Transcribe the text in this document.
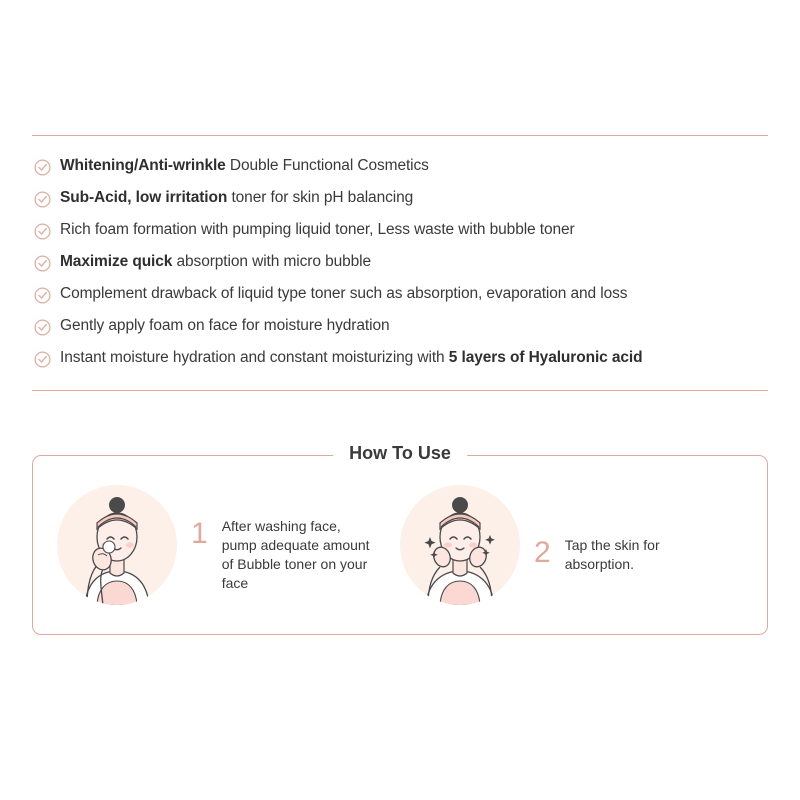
Whitening/Anti-wrinkle Double Functional Cosmetics
Sub-Acid, low irritation toner for skin pH balancing
Rich foam formation with pumping liquid toner, Less waste with bubble toner
Maximize quick absorption with micro bubble
Complement drawback of liquid type toner such as absorption, evaporation and loss
Gently apply foam on face for moisture hydration
Instant moisture hydration and constant moisturizing with 5 layers of Hyaluronic acid
How To Use
1 After washing face, pump adequate amount of Bubble toner on your face
2 Tap the skin for absorption.
